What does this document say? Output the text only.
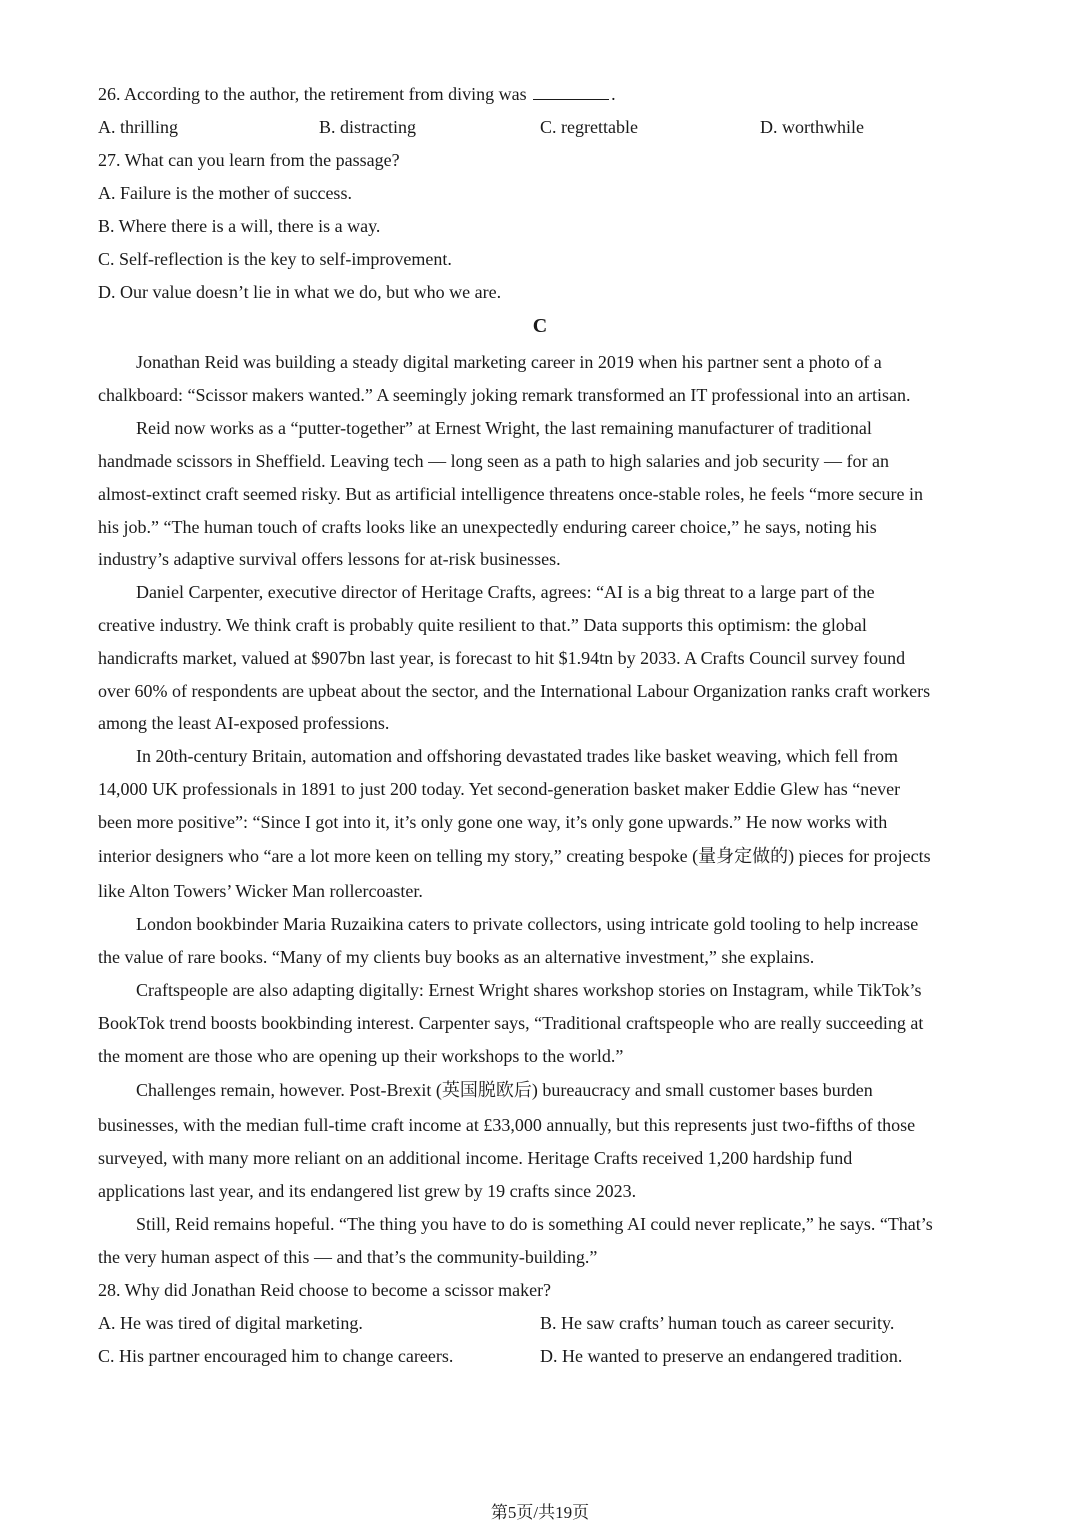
26. According to the author, the retirement from diving was	.
A. thrilling	B. distracting	C. regrettable	D. worthwhile
27. What can you learn from the passage?
A. Failure is the mother of success.
B. Where there is a will, there is a way.
C. Self-reflection is the key to self-improvement.
D. Our value doesn’t lie in what we do, but who we are.
C
Jonathan Reid was building a steady digital marketing career in 2019 when his partner sent a photo of a
chalkboard: “Scissor makers wanted.” A seemingly joking remark transformed an IT professional into an artisan.
Reid now works as a “putter-together” at Ernest Wright, the last remaining manufacturer of traditional
handmade scissors in Sheffield. Leaving tech — long seen as a path to high salaries and job security — for an
almost-extinct craft seemed risky. But as artificial intelligence threatens once-stable roles, he feels “more secure in
his job.” “The human touch of crafts looks like an unexpectedly enduring career choice,” he says, noting his
industry’s adaptive survival offers lessons for at-risk businesses.
Daniel Carpenter, executive director of Heritage Crafts, agrees: “AI is a big threat to a large part of the
creative industry. We think craft is probably quite resilient to that.” Data supports this optimism: the global
handicrafts market, valued at $907bn last year, is forecast to hit $1.94tn by 2033. A Crafts Council survey found
over 60% of respondents are upbeat about the sector, and the International Labour Organization ranks craft workers
among the least AI-exposed professions.
In 20th-century Britain, automation and offshoring devastated trades like basket weaving, which fell from
14,000 UK professionals in 1891 to just 200 today. Yet second-generation basket maker Eddie Glew has “never
been more positive”: “Since I got into it, it’s only gone one way, it’s only gone upwards.” He now works with
interior designers who “are a lot more keen on telling my story,” creating bespoke (量身定做的) pieces for projects
like Alton Towers’ Wicker Man rollercoaster.
London bookbinder Maria Ruzaikina caters to private collectors, using intricate gold tooling to help increase
the value of rare books. “Many of my clients buy books as an alternative investment,” she explains.
Craftspeople are also adapting digitally: Ernest Wright shares workshop stories on Instagram, while TikTok’s
BookTok trend boosts bookbinding interest. Carpenter says, “Traditional craftspeople who are really succeeding at
the moment are those who are opening up their workshops to the world.”
Challenges remain, however. Post-Brexit (英国脱欧后) bureaucracy and small customer bases burden
businesses, with the median full-time craft income at £33,000 annually, but this represents just two-fifths of those
surveyed, with many more reliant on an additional income. Heritage Crafts received 1,200 hardship fund
applications last year, and its endangered list grew by 19 crafts since 2023.
Still, Reid remains hopeful. “The thing you have to do is something AI could never replicate,” he says. “That’s
the very human aspect of this — and that’s the community-building.”
28. Why did Jonathan Reid choose to become a scissor maker?
A. He was tired of digital marketing.	B. He saw crafts’ human touch as career security.
C. His partner encouraged him to change careers.	D. He wanted to preserve an endangered tradition.
第5页/共19页
